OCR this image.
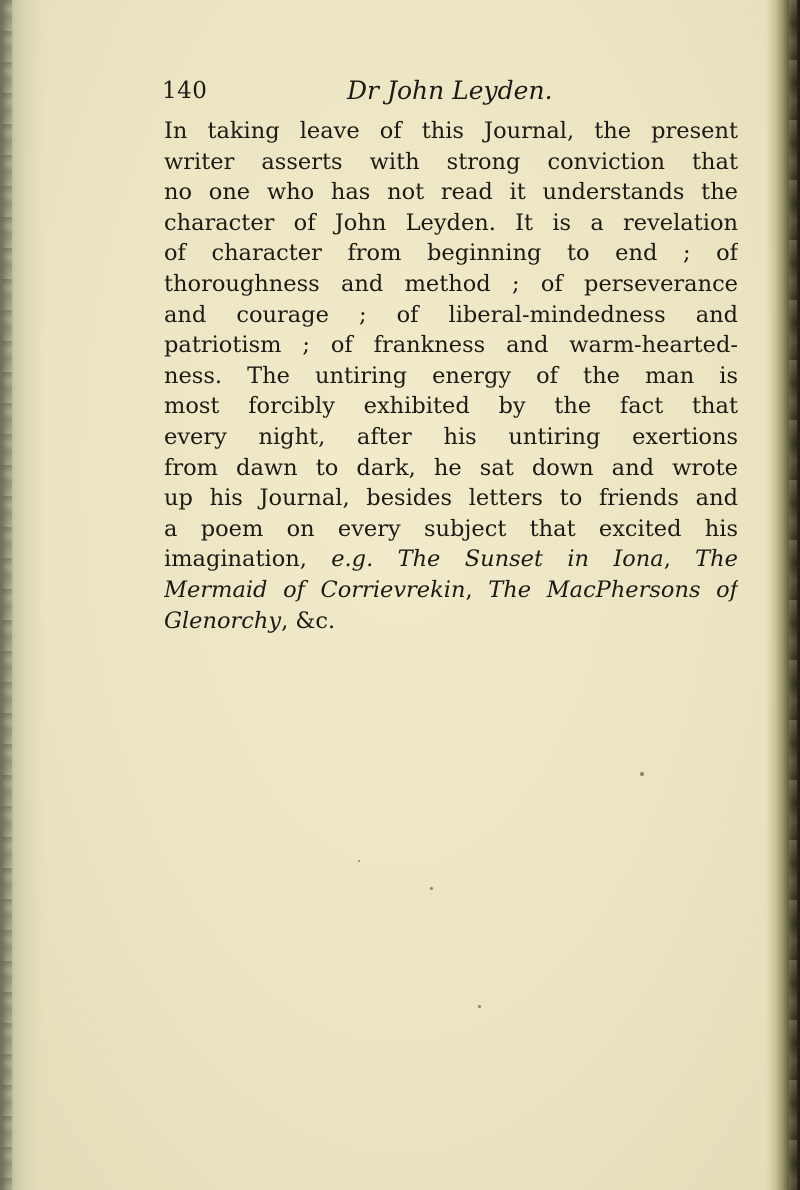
140	Dr John Leyden.
In taking leave of this Journal, the present
writer asserts with strong conviction that
no one who has not read it understands the
character of John Leyden. It is a revelation
of character from beginning to end ; of
thoroughness and method ; of perseverance
and courage ; of liberal-mindedness and
patriotism ; of frankness and warm-hearted-
ness. The untiring energy of the man is
most forcibly exhibited by the fact that
every night, after his untiring exertions
from dawn to dark, he sat down and wrote
up his Journal, besides letters to friends and
a poem on every subject that excited his
imagination, e.g. The Sunset in Iona, The
Mermaid of Corrievrekin, The MacPhersons of
Glenorchy, &c.
